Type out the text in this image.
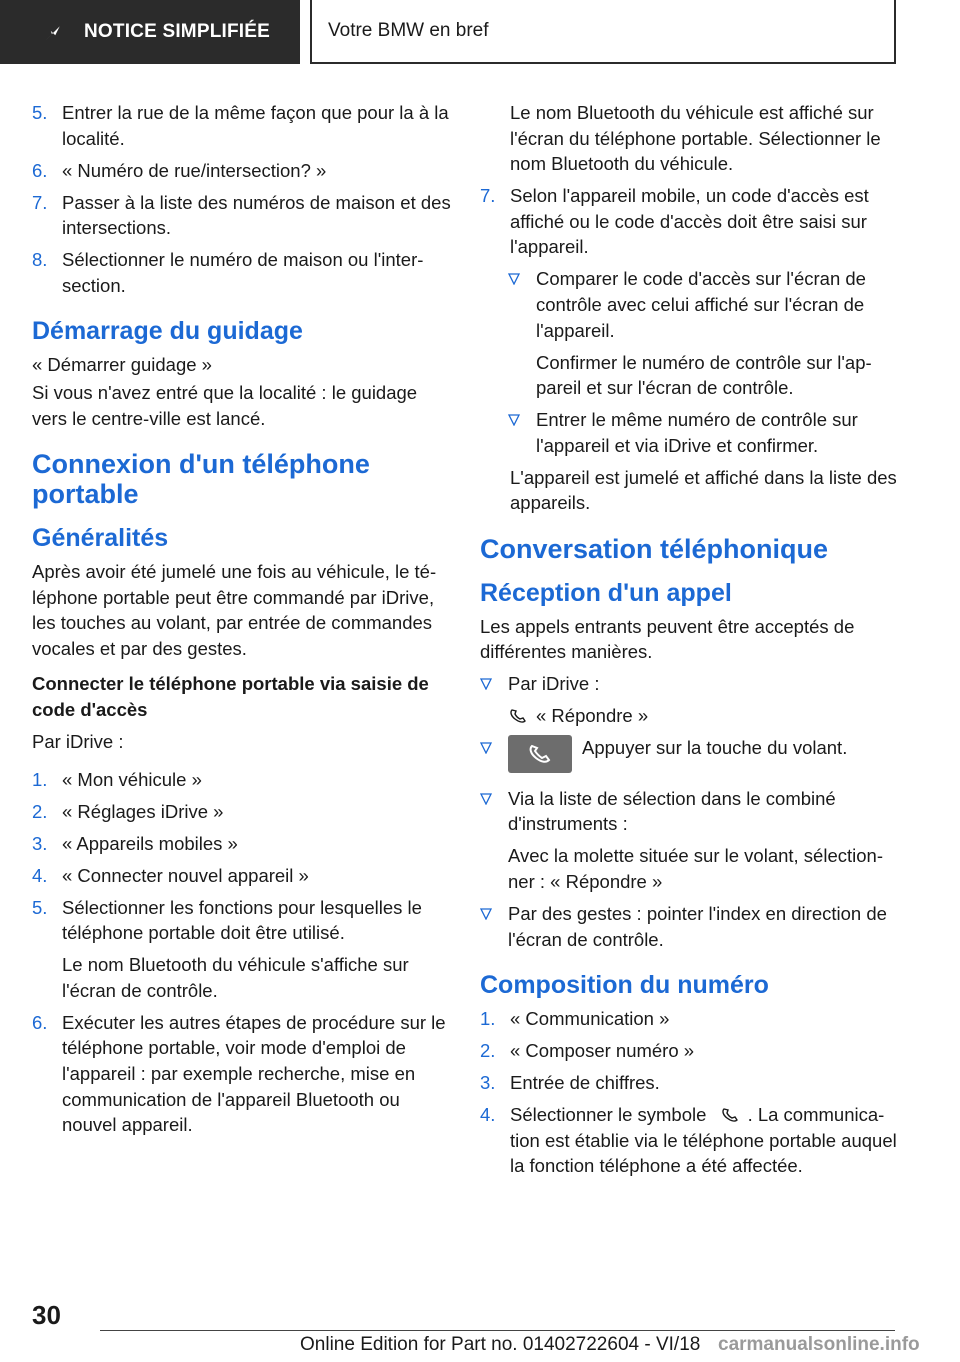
NOTICE SIMPLIFIÉE	Votre BMW en bref
5. Entrer la rue de la même façon que pour la à la localité.
6. « Numéro de rue/intersection? »
7. Passer à la liste des numéros de maison et des intersections.
8. Sélectionner le numéro de maison ou l'intersection.
Démarrage du guidage
« Démarrer guidage »
Si vous n'avez entré que la localité : le guidage vers le centre-ville est lancé.
Connexion d'un téléphone portable
Généralités
Après avoir été jumelé une fois au véhicule, le téléphone portable peut être commandé par iDrive, les touches au volant, par entrée de commandes vocales et par des gestes.
Connecter le téléphone portable via saisie de code d'accès
Par iDrive :
1. « Mon véhicule »
2. « Réglages iDrive »
3. « Appareils mobiles »
4. « Connecter nouvel appareil »
5. Sélectionner les fonctions pour lesquelles le téléphone portable doit être utilisé.
Le nom Bluetooth du véhicule s'affiche sur l'écran de contrôle.
6. Exécuter les autres étapes de procédure sur le téléphone portable, voir mode d'emploi de l'appareil : par exemple recherche, mise en communication de l'appareil Bluetooth ou nouvel appareil.
Le nom Bluetooth du véhicule est affiché sur l'écran du téléphone portable. Sélectionner le nom Bluetooth du véhicule.
7. Selon l'appareil mobile, un code d'accès est affiché ou le code d'accès doit être saisi sur l'appareil.
Comparer le code d'accès sur l'écran de contrôle avec celui affiché sur l'écran de l'appareil.
Confirmer le numéro de contrôle sur l'appareil et sur l'écran de contrôle.
Entrer le même numéro de contrôle sur l'appareil et via iDrive et confirmer.
L'appareil est jumelé et affiché dans la liste des appareils.
Conversation téléphonique
Réception d'un appel
Les appels entrants peuvent être acceptés de différentes manières.
Par iDrive :
« Répondre »
Appuyer sur la touche du volant.
Via la liste de sélection dans le combiné d'instruments :
Avec la molette située sur le volant, sélectionner : « Répondre »
Par des gestes : pointer l'index en direction de l'écran de contrôle.
Composition du numéro
1. « Communication »
2. « Composer numéro »
3. Entrée de chiffres.
4. Sélectionner le symbole . La communication est établie via le téléphone portable auquel la fonction téléphone a été affectée.
30
Online Edition for Part no. 01402722604 - VI/18 carmanualsonline.info
